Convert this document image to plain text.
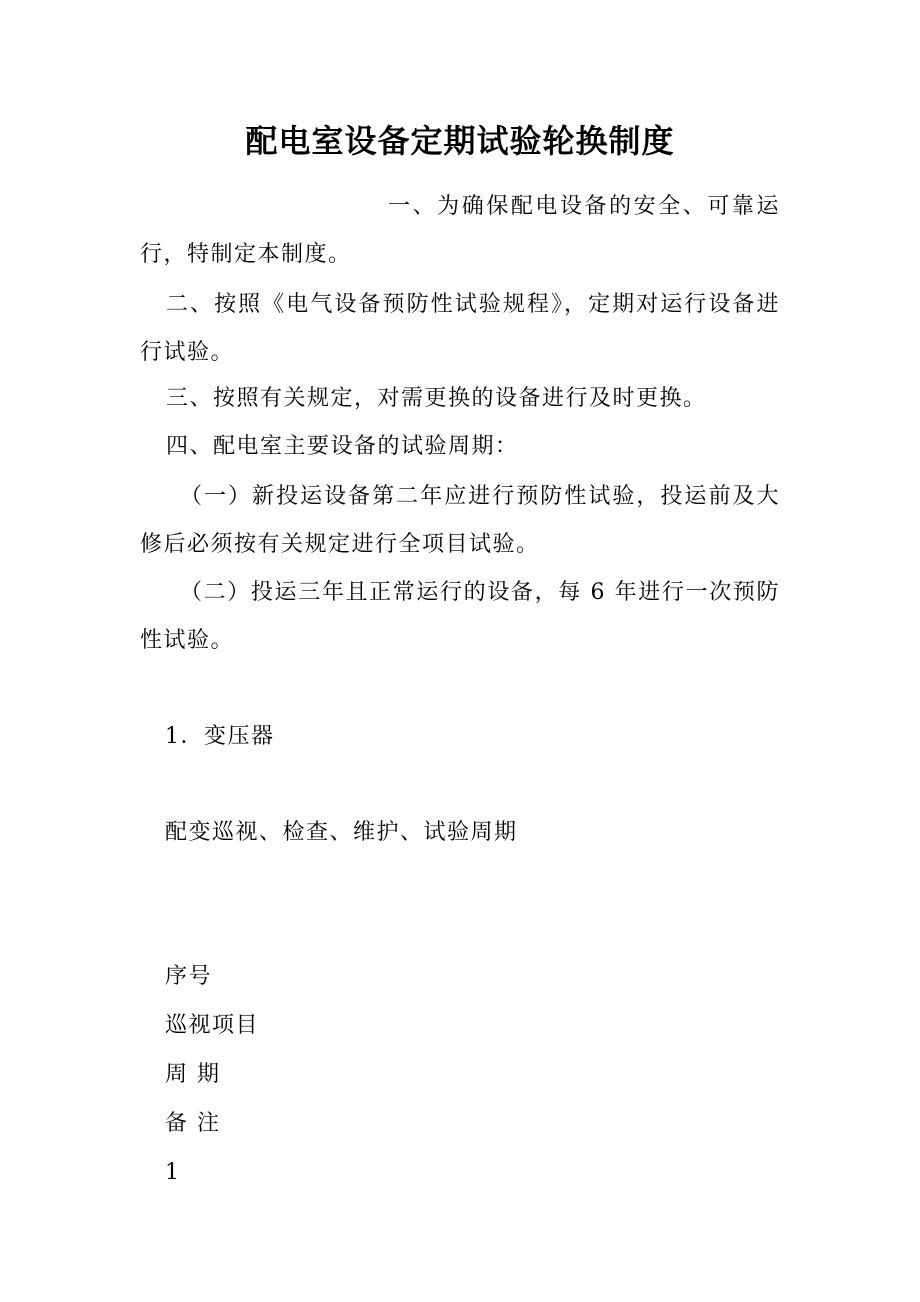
配电室设备定期试验轮换制度
一、为确保配电设备的安全、可靠运行，特制定本制度。
二、按照《电气设备预防性试验规程》，定期对运行设备进行试验。
三、按照有关规定，对需更换的设备进行及时更换。
四、配电室主要设备的试验周期：
（一）新投运设备第二年应进行预防性试验，投运前及大修后必须按有关规定进行全项目试验。
（二）投运三年且正常运行的设备，每 6 年进行一次预防性试验。
1．变压器
配变巡视、检查、维护、试验周期
序号
巡视项目
周 期
备 注
1
